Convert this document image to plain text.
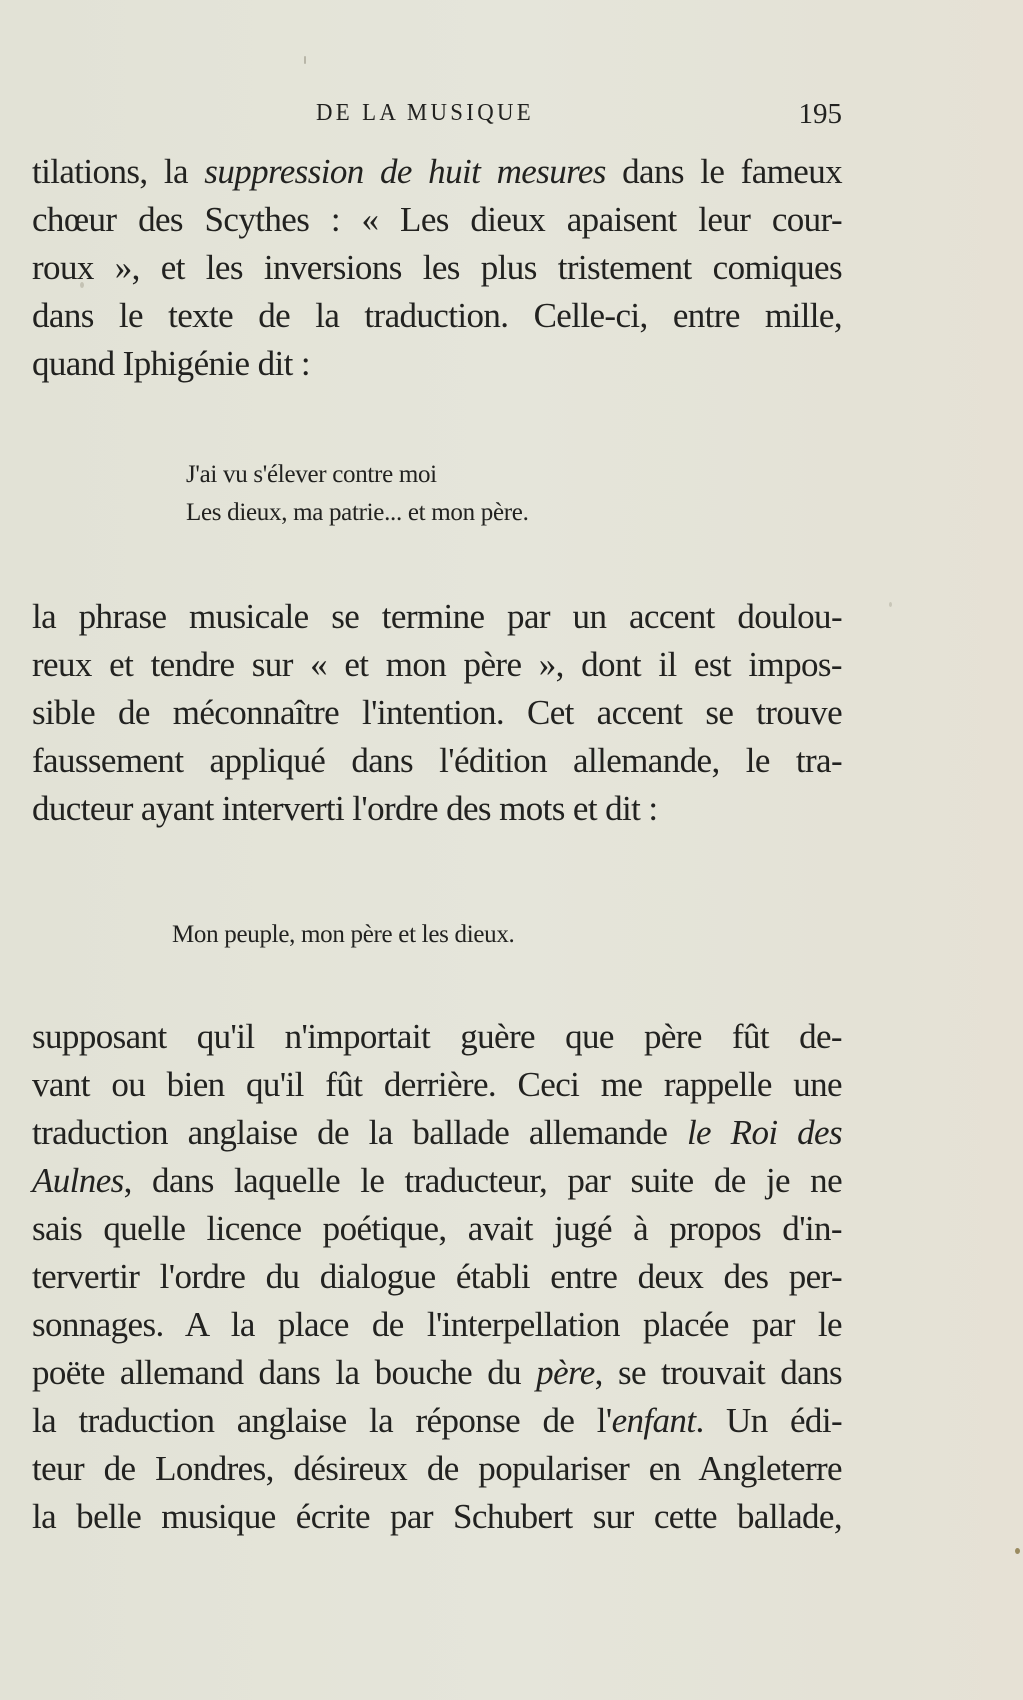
DE LA MUSIQUE	195
tilations, la suppression de huit mesures dans le fameux
chœur des Scythes : « Les dieux apaisent leur cour-
roux », et les inversions les plus tristement comiques
dans le texte de la traduction. Celle-ci, entre mille,
quand Iphigénie dit :
J'ai vu s'élever contre moi
Les dieux, ma patrie... et mon père.
la phrase musicale se termine par un accent doulou-
reux et tendre sur « et mon père », dont il est impos-
sible de méconnaître l'intention. Cet accent se trouve
faussement appliqué dans l'édition allemande, le tra-
ducteur ayant interverti l'ordre des mots et dit :
Mon peuple, mon père et les dieux.
supposant qu'il n'importait guère que père fût de-
vant ou bien qu'il fût derrière. Ceci me rappelle une
traduction anglaise de la ballade allemande le Roi des
Aulnes, dans laquelle le traducteur, par suite de je ne
sais quelle licence poétique, avait jugé à propos d'in-
tervertir l'ordre du dialogue établi entre deux des per-
sonnages. A la place de l'interpellation placée par le
poëte allemand dans la bouche du père, se trouvait dans
la traduction anglaise la réponse de l'enfant. Un édi-
teur de Londres, désireux de populariser en Angleterre
la belle musique écrite par Schubert sur cette ballade,
